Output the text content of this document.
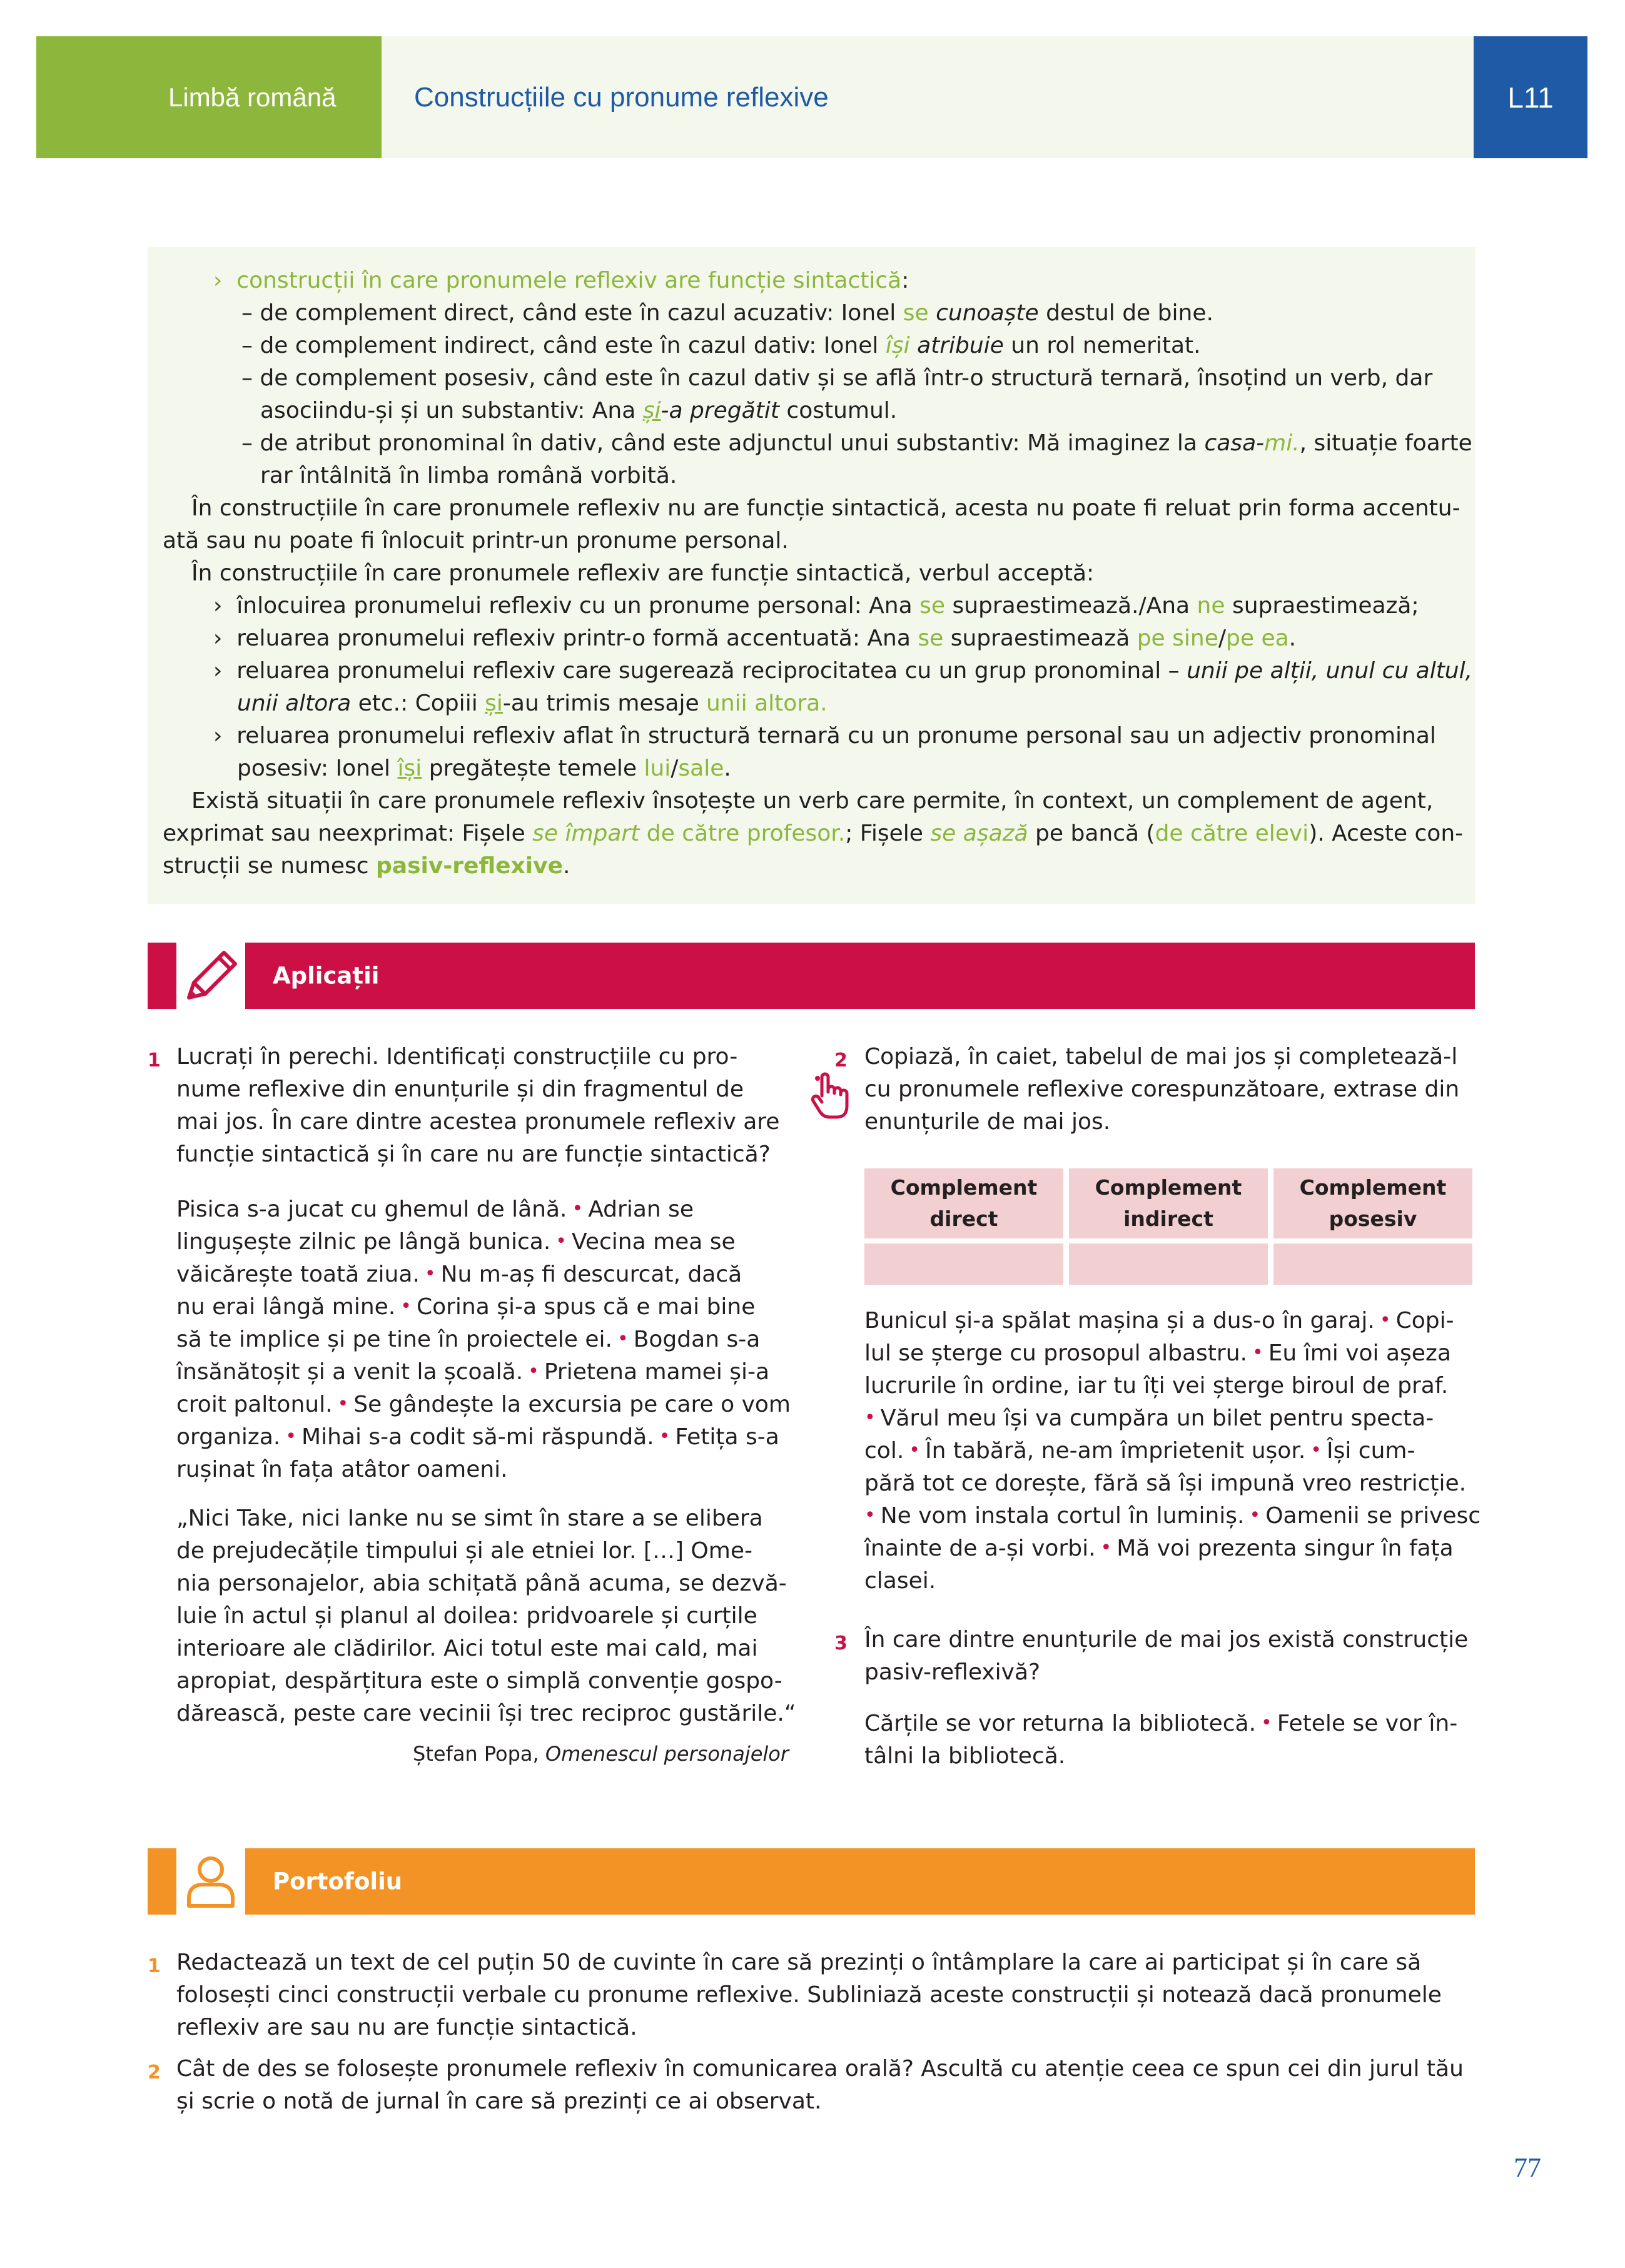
Limbă română	Construcțiile cu pronume reflexive	L11
› construcții în care pronumele reflexiv are funcție sintactică:
– de complement direct, când este în cazul acuzativ: Ionel se cunoaște destul de bine.
– de complement indirect, când este în cazul dativ: Ionel își atribuie un rol nemeritat.
– de complement posesiv, când este în cazul dativ și se află într-o structură ternară, însoțind un verb, dar
asociindu-și și un substantiv: Ana și-a pregătit costumul.
– de atribut pronominal în dativ, când este adjunctul unui substantiv: Mă imaginez la casa-mi., situație foarte
rar întâlnită în limba română vorbită.
În construcțiile în care pronumele reflexiv nu are funcție sintactică, acesta nu poate fi reluat prin forma accentu-
ată sau nu poate fi înlocuit printr-un pronume personal.
În construcțiile în care pronumele reflexiv are funcție sintactică, verbul acceptă:
› înlocuirea pronumelui reflexiv cu un pronume personal: Ana se supraestimează./Ana ne supraestimează;
› reluarea pronumelui reflexiv printr-o formă accentuată: Ana se supraestimează pe sine/pe ea.
› reluarea pronumelui reflexiv care sugerează reciprocitatea cu un grup pronominal – unii pe alții, unul cu altul,
unii altora etc.: Copiii și-au trimis mesaje unii altora.
› reluarea pronumelui reflexiv aflat în structură ternară cu un pronume personal sau un adjectiv pronominal
posesiv: Ionel își pregătește temele lui/sale.
Există situații în care pronumele reflexiv însoțește un verb care permite, în context, un complement de agent,
exprimat sau neexprimat: Fișele se împart de către profesor.; Fișele se așază pe bancă (de către elevi). Aceste con-
strucții se numesc pasiv-reflexive.
Aplicații
1 Lucrați în perechi. Identificați construcțiile cu pro-
nume reflexive din enunțurile și din fragmentul de
mai jos. În care dintre acestea pronumele reflexiv are
funcție sintactică și în care nu are funcție sintactică?
Pisica s-a jucat cu ghemul de lână. • Adrian se
lingușește zilnic pe lângă bunica. • Vecina mea se
văicărește toată ziua. • Nu m-aș fi descurcat, dacă
nu erai lângă mine. • Corina și-a spus că e mai bine
să te implice și pe tine în proiectele ei. • Bogdan s-a
însănătoșit și a venit la școală. • Prietena mamei și-a
croit paltonul. • Se gândește la excursia pe care o vom
organiza. • Mihai s-a codit să-mi răspundă. • Fetița s-a
rușinat în fața atâtor oameni.
„Nici Take, nici Ianke nu se simt în stare a se elibera
de prejudecățile timpului și ale etniei lor. […] Ome-
nia personajelor, abia schițată până acuma, se dezvă-
luie în actul și planul al doilea: pridvoarele și curțile
interioare ale clădirilor. Aici totul este mai cald, mai
apropiat, despărțitura este o simplă convenție gospo-
dărească, peste care vecinii își trec reciproc gustările.“
Ștefan Popa, Omenescul personajelor
2 Copiază, în caiet, tabelul de mai jos și completează-l
cu pronumele reflexive corespunzătoare, extrase din
enunțurile de mai jos.
Complement
direct
Complement
indirect
Complement
posesiv
Bunicul și-a spălat mașina și a dus-o în garaj. • Copi-
lul se șterge cu prosopul albastru. • Eu îmi voi așeza
lucrurile în ordine, iar tu îți vei șterge biroul de praf.
• Vărul meu își va cumpăra un bilet pentru specta-
col. • În tabără, ne-am împrietenit ușor. • Își cum-
pără tot ce dorește, fără să își impună vreo restricție.
• Ne vom instala cortul în luminiș. • Oamenii se privesc
înainte de a-și vorbi. • Mă voi prezenta singur în fața
clasei.
3 În care dintre enunțurile de mai jos există construcție
pasiv-reflexivă?
Cărțile se vor returna la bibliotecă. • Fetele se vor în-
tâlni la bibliotecă.
Portofoliu
1 Redactează un text de cel puțin 50 de cuvinte în care să prezinți o întâmplare la care ai participat și în care să
folosești cinci construcții verbale cu pronume reflexive. Subliniază aceste construcții și notează dacă pronumele
reflexiv are sau nu are funcție sintactică.
2 Cât de des se folosește pronumele reflexiv în comunicarea orală? Ascultă cu atenție ceea ce spun cei din jurul tău
și scrie o notă de jurnal în care să prezinți ce ai observat.
77
